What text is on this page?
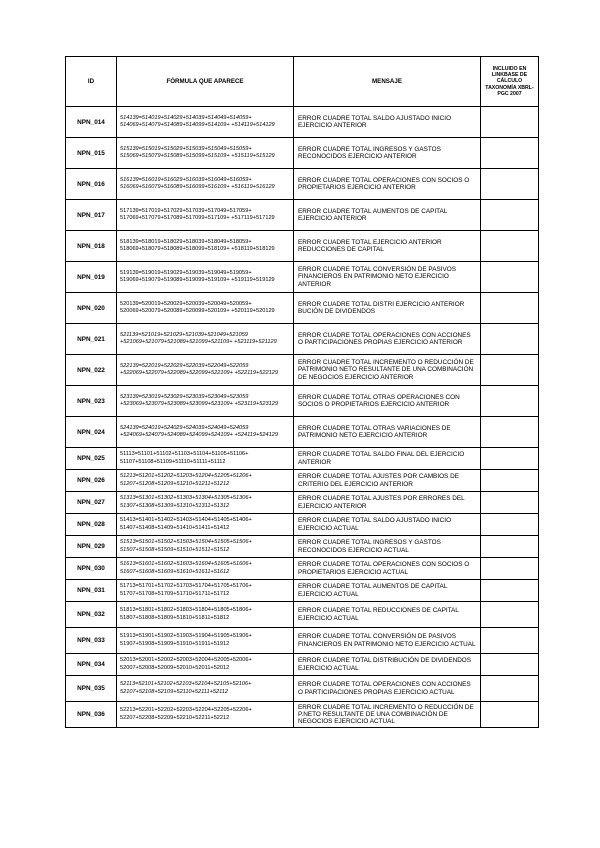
ID	FÓRMULA QUE APARECE	MENSAJE	INCLUIDO EN LINKBASE DE CÁLCULO TAXONOMÍA XBRL-PGC 2007
NPN_014	514139=514019+514029+514039+514049+514059+ 514069+514079+514089+514099+514109+ +514119+514129	ERROR CUADRE TOTAL SALDO AJUSTADO INICIO EJERCICIO ANTERIOR	
NPN_015	515139=515019+515029+515039+515049+515059+ 515069+515079+515089+515099+515109+ +515119+515129	ERROR CUADRE TOTAL INGRESOS Y GASTOS RECONOCIDOS EJERCICIO ANTERIOR	
NPN_016	516139=516019+516029+516039+516049+516059+ 516069+516079+516089+516099+516109+ +516119+516129	ERROR CUADRE TOTAL OPERACIONES CON SOCIOS O PROPIETARIOS EJERCICIO ANTERIOR	
NPN_017	517139=517019+517029+517039+517049+517059+ 517069+517079+517089+517099+517109+ +517119+517129	ERROR CUADRE TOTAL AUMENTOS DE CAPITAL EJERCICIO ANTERIOR	
NPN_018	518139=518019+518029+518039+518049+518059+ 518069+518079+518089+518099+518109+ +518119+518129	ERROR CUADRE TOTAL EJERCICIO ANTERIOR REDUCCIONES DE CAPITAL	
NPN_019	519139=519019+519029+519039+519049+519059+ 519069+519079+519089+519099+519109+ +519119+519129	ERROR CUADRE TOTAL CONVERSIÓN DE PASIVOS FINANCIEROS EN PATRIMONIO NETO EJERCICIO ANTERIOR	
NPN_020	520139=520019+520029+520039+520049+520059+ 520069+520079+520089+520099+520109+ +520119+520129	ERROR CUADRE TOTAL DISTRI EJERCICIO ANTERIOR BUCIÓN DE DIVIDENDOS	
NPN_021	521139=521019+521029+521039+521049+521059 +521069+521079+521089+521099+521109+ +521119+521129	ERROR CUADRE TOTAL OPERACIONES CON ACCIONES O PARTICIPACIONES PROPIAS EJERCICIO ANTERIOR	
NPN_022	522139=522019+522029+522039+522049+522059 +522069+522079+522089+522099+522109+ +522119+522129	ERROR CUADRE TOTAL INCREMENTO O REDUCCIÓN DE PATRIMONIO NETO RESULTANTE DE UNA COMBINACIÓN DE NEGOCIOS EJERCICIO ANTERIOR	
NPN_023	523139=523019+523029+523039+523049+523059 +523069+523079+523089+523099+523109+ +523119+523129	ERROR CUADRE TOTAL OTRAS OPERACIONES CON SOCIOS O PROPIETARIOS EJERCICIO ANTERIOR	
NPN_024	524139=524019+524029+524039+524049+524059 +524069+524079+524089+524099+524109+ +524119+524129	ERROR CUADRE TOTAL OTRAS VARIACIONES DE PATRIMONIO NETO EJERCICIO ANTERIOR	
NPN_025	51113=51101+51102+51103+51104+51105+51106+ 51107+51108+51109+51110+51111+51112	ERROR CUADRE TOTAL SALDO FINAL DEL EJERCICIO ANTERIOR	
NPN_026	51213=51201+51202+51203+51204+51205+51206+ 51207+51208+51209+51210+51211+51212	ERROR CUADRE TOTAL AJUSTES POR CAMBIOS DE CRITERIO DEL EJERCICIO ANTERIOR	
NPN_027	51313=51301+51302+51303+51304+51305+51306+ 51307+51308+51309+51310+51311+51312	ERROR CUADRE TOTAL AJUSTES POR ERRORES DEL EJERCICIO ANTERIOR	
NPN_028	51413=51401+51402+51403+51404+51405+51406+ 51407+51408+51409+51410+51411+51412	ERROR CUADRE TOTAL SALDO AJUSTADO INICIO EJERCICIO ACTUAL	
NPN_029	51513=51501+51502+51503+51504+51505+51506+ 51507+51508+51509+51510+51511+51512	ERROR CUADRE TOTAL INGRESOS Y GASTOS RECONOCIDOS EJERCICIO ACTUAL	
NPN_030	51613=51601+51602+51603+51604+51605+51606+ 51607+51608+51609+51610+51611+51612	ERROR CUADRE TOTAL OPERACIONES CON SOCIOS O PROPIETARIOS EJERCICIO ACTUAL	
NPN_031	51713=51701+51702+51703+51704+51705+51706+ 51707+51708+51709+51710+51711+51712	ERROR CUADRE TOTAL AUMENTOS DE CAPITAL EJERCICIO ACTUAL	
NPN_032	51813=51801+51802+51803+51804+51805+51806+ 51807+51808+51809+51810+51811+51812	ERROR CUADRE TOTAL REDUCCIONES DE CAPITAL EJERCICIO ACTUAL	
NPN_033	51913=51901+51902+51903+51904+51905+51906+ 51907+51908+51909+51910+51911+51912	ERROR CUADRE TOTAL CONVERSIÓN DE PASIVOS FINANCIEROS EN PATRIMONIO NETO EJERCICIO ACTUAL	
NPN_034	52013=52001+52002+52003+52004+52005+52006+ 52007+52008+52009+52010+52011+52012	ERROR CUADRE TOTAL DISTRIBUCIÓN DE DIVIDENDOS EJERCICIO ACTUAL	
NPN_035	52113=52101+52102+52103+52104+52105+52106+ 52107+52108+52109+52110+52111+52112	ERROR CUADRE TOTAL OPERACIONES CON ACCIONES O PARTICIPACIONES PROPIAS EJERCICIO ACTUAL	
NPN_036	52213=52201+52202+52203+52204+52205+52206+ 52207+52208+52209+52210+52211+52212	ERROR CUADRE TOTAL INCREMENTO O REDUCCIÓN DE P.NETO RESULTANTE DE UNA COMBINACIÓN DE NEGOCIOS EJERCICIO ACTUAL	
